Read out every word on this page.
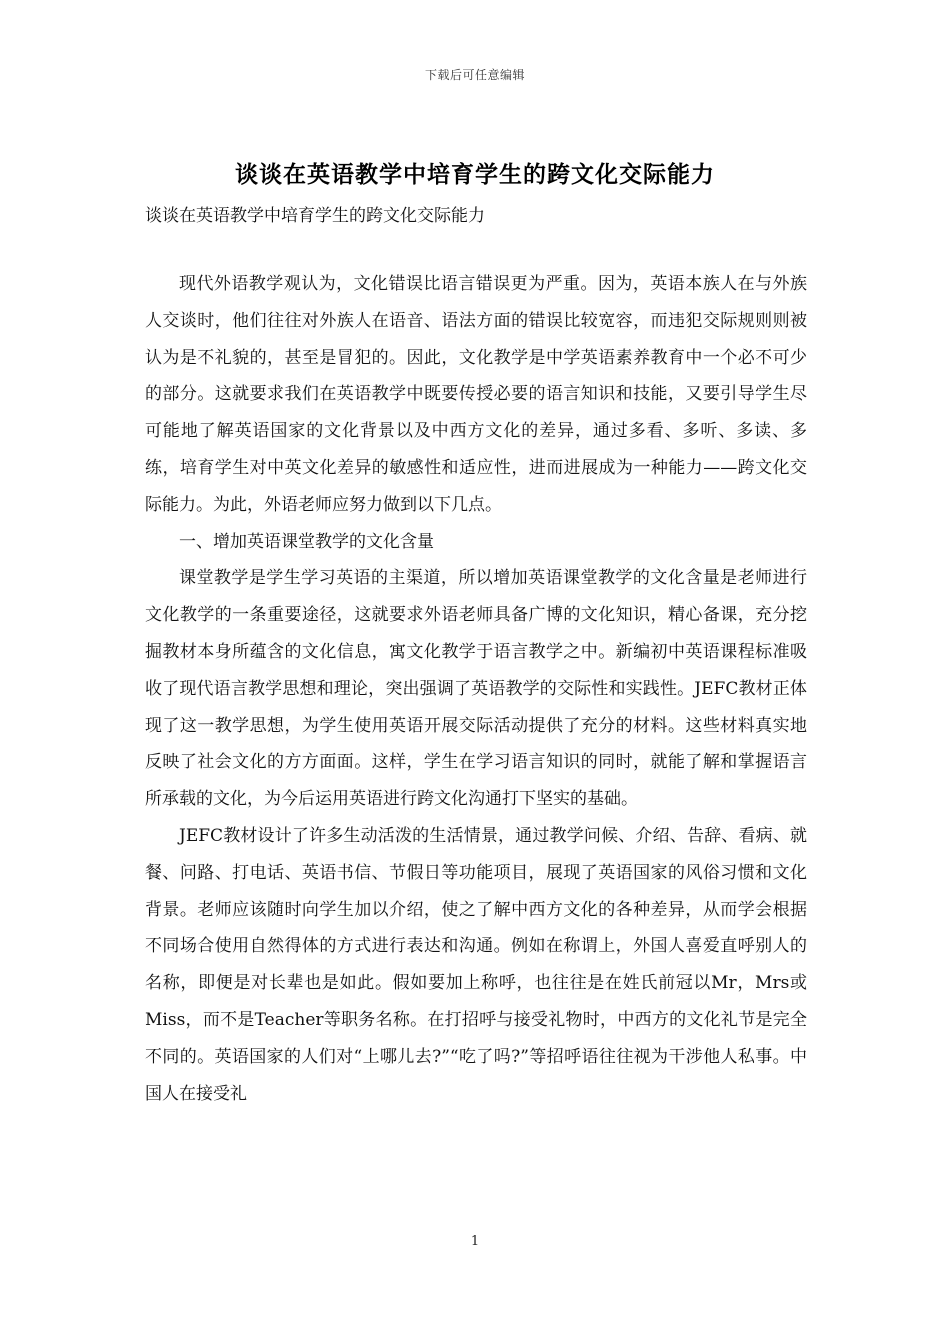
下载后可任意编辑
谈谈在英语教学中培育学生的跨文化交际能力
谈谈在英语教学中培育学生的跨文化交际能力

现代外语教学观认为，文化错误比语言错误更为严重。因为，英语本族人在与外族人交谈时，他们往往对外族人在语音、语法方面的错误比较宽容，而违犯交际规则则被认为是不礼貌的，甚至是冒犯的。因此，文化教学是中学英语素养教育中一个必不可少的部分。这就要求我们在英语教学中既要传授必要的语言知识和技能，又要引导学生尽可能地了解英语国家的文化背景以及中西方文化的差异，通过多看、多听、多读、多练，培育学生对中英文化差异的敏感性和适应性，进而进展成为一种能力——跨文化交际能力。为此，外语老师应努力做到以下几点。

一、增加英语课堂教学的文化含量

课堂教学是学生学习英语的主渠道，所以增加英语课堂教学的文化含量是老师进行文化教学的一条重要途径，这就要求外语老师具备广博的文化知识，精心备课，充分挖掘教材本身所蕴含的文化信息，寓文化教学于语言教学之中。新编初中英语课程标准吸收了现代语言教学思想和理论，突出强调了英语教学的交际性和实践性。JEFC教材正体现了这一教学思想，为学生使用英语开展交际活动提供了充分的材料。这些材料真实地反映了社会文化的方方面面。这样，学生在学习语言知识的同时，就能了解和掌握语言所承载的文化，为今后运用英语进行跨文化沟通打下坚实的基础。

JEFC教材设计了许多生动活泼的生活情景，通过教学问候、介绍、告辞、看病、就餐、问路、打电话、英语书信、节假日等功能项目，展现了英语国家的风俗习惯和文化背景。老师应该随时向学生加以介绍，使之了解中西方文化的各种差异，从而学会根据不同场合使用自然得体的方式进行表达和沟通。例如在称谓上，外国人喜爱直呼别人的名称，即便是对长辈也是如此。假如要加上称呼，也往往是在姓氏前冠以Mr，Mrs或Miss，而不是Teacher等职务名称。在打招呼与接受礼物时，中西方的文化礼节是完全不同的。英语国家的人们对“上哪儿去?”“吃了吗?”等招呼语往往视为干涉他人私事。中国人在接受礼

1
